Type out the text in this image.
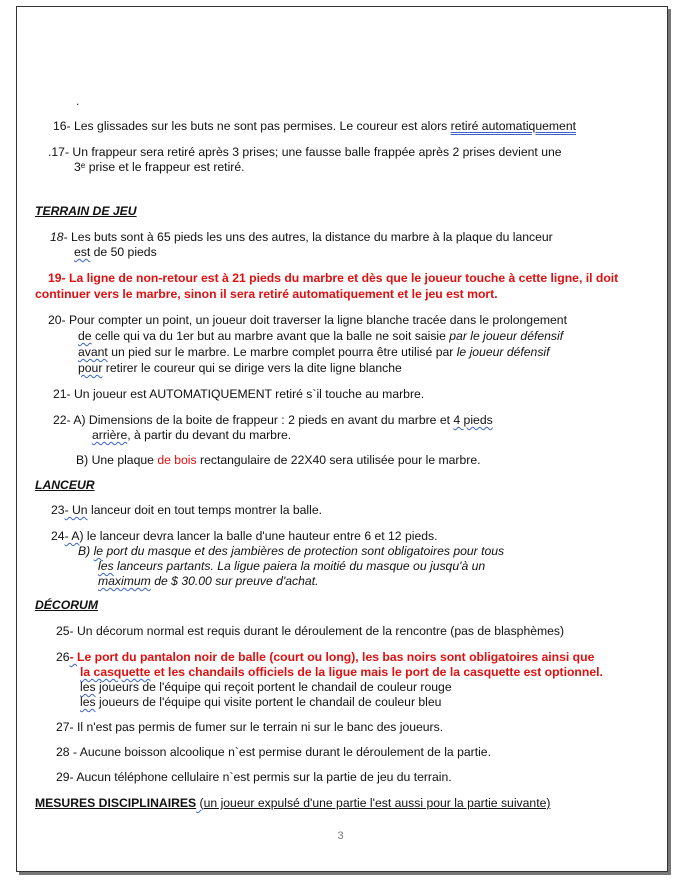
.
16- Les glissades sur les buts ne sont pas permises. Le coureur est alors retiré automatiquement
.17- Un frappeur sera retiré après 3 prises; une fausse balle frappée après 2 prises devient une
3ᵉ prise et le frappeur est retiré.
TERRAIN DE JEU
18- Les buts sont à 65 pieds les uns des autres, la distance du marbre à la plaque du lanceur
est de 50 pieds
19- La ligne de non-retour est à 21 pieds du marbre et dès que le joueur touche à cette ligne, il doit
continuer vers le marbre, sinon il sera retiré automatiquement et le jeu est mort.
20- Pour compter un point, un joueur doit traverser la ligne blanche tracée dans le prolongement
de celle qui va du 1er but au marbre avant que la balle ne soit saisie par le joueur défensif
avant un pied sur le marbre. Le marbre complet pourra être utilisé par le joueur défensif
pour retirer le coureur qui se dirige vers la dite ligne blanche
21- Un joueur est AUTOMATIQUEMENT retiré s`il touche au marbre.
22- A) Dimensions de la boite de frappeur : 2 pieds en avant du marbre et 4 pieds
arrière, à partir du devant du marbre.
B) Une plaque de bois rectangulaire de 22X40 sera utilisée pour le marbre.
LANCEUR
23- Un lanceur doit en tout temps montrer la balle.
24- A) le lanceur devra lancer la balle d'une hauteur entre 6 et 12 pieds.
B) le port du masque et des jambières de protection sont obligatoires pour tous
les lanceurs partants. La ligue paiera la moitié du masque ou jusqu'à un
maximum de $ 30.00 sur preuve d'achat.
DÉCORUM
25- Un décorum normal est requis durant le déroulement de la rencontre (pas de blasphèmes)
26- Le port du pantalon noir de balle (court ou long), les bas noirs sont obligatoires ainsi que
la casquette et les chandails officiels de la ligue mais le port de la casquette est optionnel.
les joueurs de l'équipe qui reçoit portent le chandail de couleur rouge
les joueurs de l'équipe qui visite portent le chandail de couleur bleu
27- Il n'est pas permis de fumer sur le terrain ni sur le banc des joueurs.
28 - Aucune boisson alcoolique n`est permise durant le déroulement de la partie.
29- Aucun téléphone cellulaire n`est permis sur la partie de jeu du terrain.
MESURES DISCIPLINAIRES (un joueur expulsé d'une partie l'est aussi pour la partie suivante)
3
